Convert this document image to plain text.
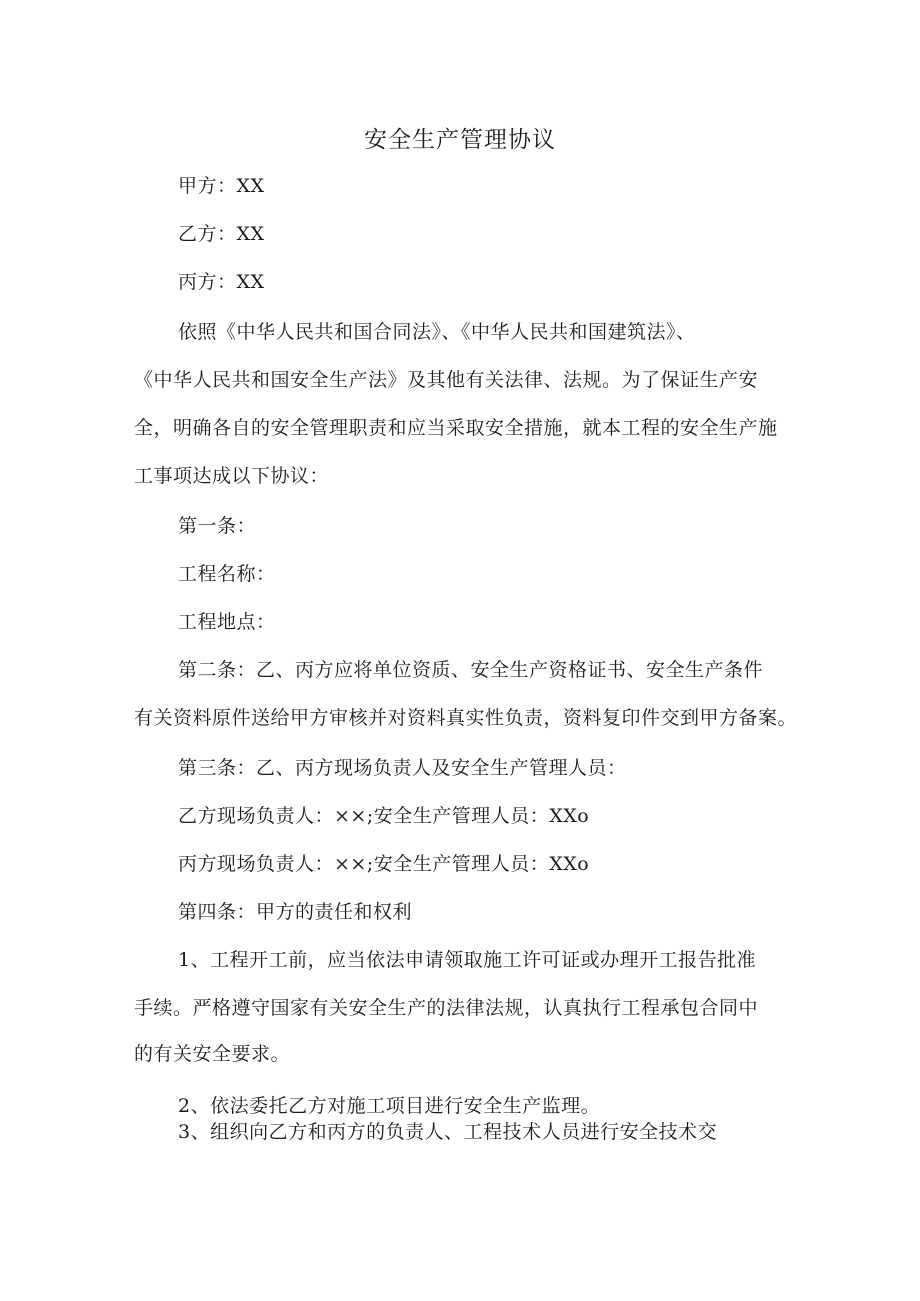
安全生产管理协议
甲方：XX
乙方：XX
丙方：XX
依照《中华人民共和国合同法》、《中华人民共和国建筑法》、
《中华人民共和国安全生产法》及其他有关法律、法规。为了保证生产安
全，明确各自的安全管理职责和应当采取安全措施，就本工程的安全生产施
工事项达成以下协议：
第一条：
工程名称：
工程地点：
第二条：乙、丙方应将单位资质、安全生产资格证书、安全生产条件
有关资料原件送给甲方审核并对资料真实性负责，资料复印件交到甲方备案。
第三条：乙、丙方现场负责人及安全生产管理人员：
乙方现场负责人：××;安全生产管理人员：XXo
丙方现场负责人：××;安全生产管理人员：XXo
第四条：甲方的责任和权利
1、工程开工前，应当依法申请领取施工许可证或办理开工报告批准
手续。严格遵守国家有关安全生产的法律法规，认真执行工程承包合同中
的有关安全要求。
2、依法委托乙方对施工项目进行安全生产监理。
3、组织向乙方和丙方的负责人、工程技术人员进行安全技术交
